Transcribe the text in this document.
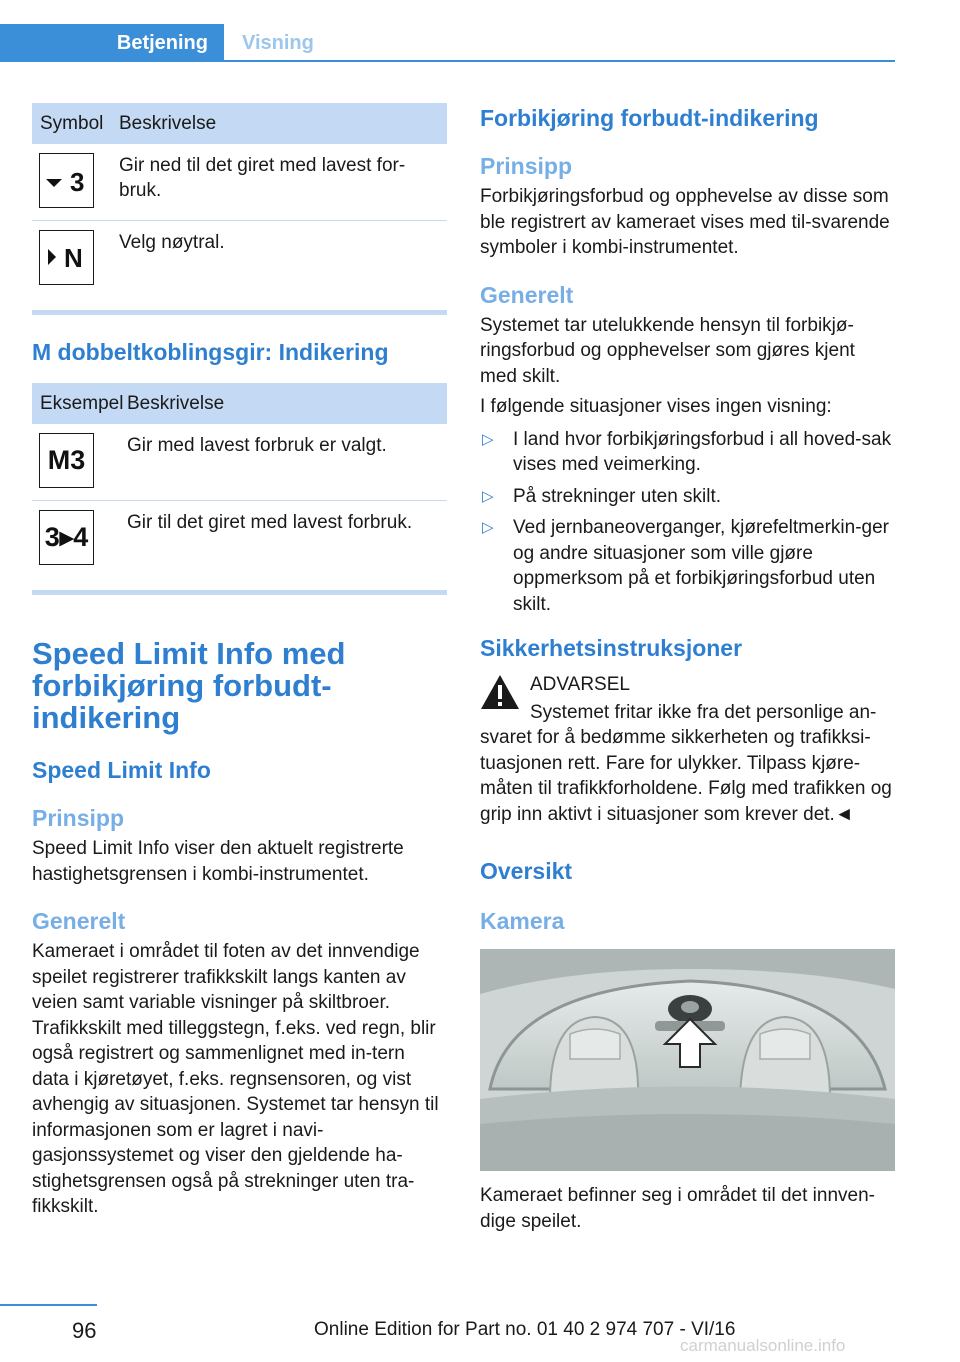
Betjening	Visning
Symbol	Beskrivelse

3	Gir ned til det giret med lavest for-bruk.

N	Velg nøytral.
M dobbeltkoblingsgir: Indikering
Eksempel	Beskrivelse

M3	Gir med lavest forbruk er valgt.

3▸4	Gir til det giret med lavest forbruk.
Speed Limit Info med forbikjøring forbudt-indikering
Speed Limit Info
Prinsipp

Speed Limit Info viser den aktuelt registrerte hastighetsgrensen i kombi-instrumentet.

Generelt

Kameraet i området til foten av det innvendige speilet registrerer trafikkskilt langs kanten av veien samt variable visninger på skiltbroer. Trafikkskilt med tilleggstegn, f.eks. ved regn, blir også registrert og sammenlignet med in-tern data i kjøretøyet, f.eks. regnsensoren, og vist avhengig av situasjonen. Systemet tar hensyn til informasjonen som er lagret i navi-gasjonssystemet og viser den gjeldende ha-stighetsgrensen også på strekninger uten tra-fikkskilt.

Forbikjøring forbudt-indikering
Prinsipp

Forbikjøringsforbud og opphevelse av disse som ble registrert av kameraet vises med til-svarende symboler i kombi-instrumentet.

Generelt

Systemet tar utelukkende hensyn til forbikjø-ringsforbud og opphevelser som gjøres kjent med skilt.

I følgende situasjoner vises ingen visning:

▷ I land hvor forbikjøringsforbud i all hoved-sak vises med veimerking.
▷ På strekninger uten skilt.
▷ Ved jernbaneoverganger, kjørefeltmerkin-ger og andre situasjoner som ville gjøre oppmerksom på et forbikjøringsforbud uten skilt.
Sikkerhetsinstruksjoner

ADVARSEL

Systemet fritar ikke fra det personlige an-svaret for å bedømme sikkerheten og trafikksi-tuasjonen rett. Fare for ulykker. Tilpass kjøre-måten til trafikkforholdene. Følg med trafikken og grip inn aktivt i situasjoner som krever det.◄

Oversikt
Kamera

Kameraet befinner seg i området til det innven-dige speilet.

96	Online Edition for Part no. 01 40 2 974 707 - VI/16
carmanualsonline.info
